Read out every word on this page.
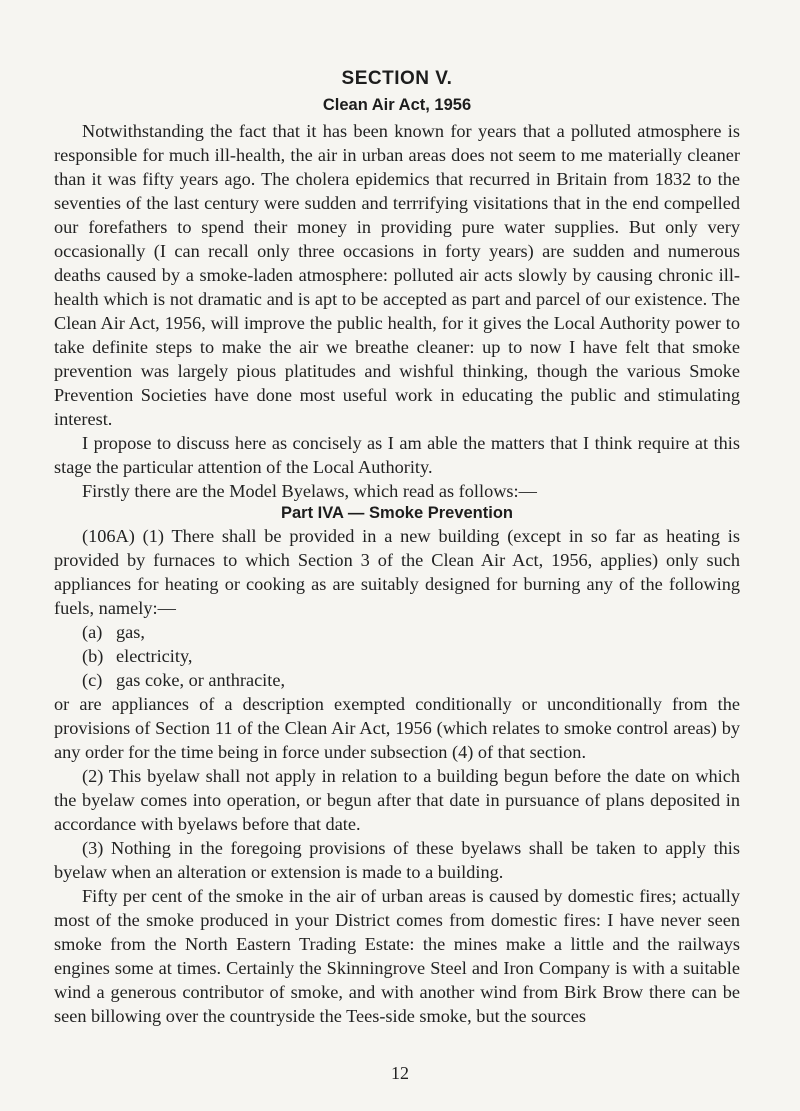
SECTION V.
Clean Air Act, 1956

Notwithstanding the fact that it has been known for years that a polluted atmosphere is responsible for much ill-health, the air in urban areas does not seem to me materially cleaner than it was fifty years ago. The cholera epidemics that recurred in Britain from 1832 to the seventies of the last century were sudden and terrrifying visitations that in the end compelled our forefathers to spend their money in providing pure water supplies. But only very occasionally (I can recall only three occasions in forty years) are sudden and numerous deaths caused by a smoke-laden atmosphere: polluted air acts slowly by causing chronic ill-health which is not dramatic and is apt to be accepted as part and parcel of our existence. The Clean Air Act, 1956, will improve the public health, for it gives the Local Authority power to take definite steps to make the air we breathe cleaner: up to now I have felt that smoke prevention was largely pious platitudes and wishful thinking, though the various Smoke Prevention Societies have done most useful work in educating the public and stimulating interest.

I propose to discuss here as concisely as I am able the matters that I think require at this stage the particular attention of the Local Authority.

Firstly there are the Model Byelaws, which read as follows:—

Part IVA — Smoke Prevention

(106A) (1) There shall be provided in a new building (except in so far as heating is provided by furnaces to which Section 3 of the Clean Air Act, 1956, applies) only such appliances for heating or cooking as are suitably designed for burning any of the following fuels, namely:—

(a) gas,
(b) electricity,
(c) gas coke, or anthracite,

or are appliances of a description exempted conditionally or unconditionally from the provisions of Section 11 of the Clean Air Act, 1956 (which relates to smoke control areas) by any order for the time being in force under subsection (4) of that section.

(2) This byelaw shall not apply in relation to a building begun before the date on which the byelaw comes into operation, or begun after that date in pursuance of plans deposited in accordance with byelaws before that date.

(3) Nothing in the foregoing provisions of these byelaws shall be taken to apply this byelaw when an alteration or extension is made to a building.

Fifty per cent of the smoke in the air of urban areas is caused by domestic fires; actually most of the smoke produced in your District comes from domestic fires: I have never seen smoke from the North Eastern Trading Estate: the mines make a little and the railways engines some at times. Certainly the Skinningrove Steel and Iron Company is with a suitable wind a generous contributor of smoke, and with another wind from Birk Brow there can be seen billowing over the countryside the Tees-side smoke, but the sources

12
